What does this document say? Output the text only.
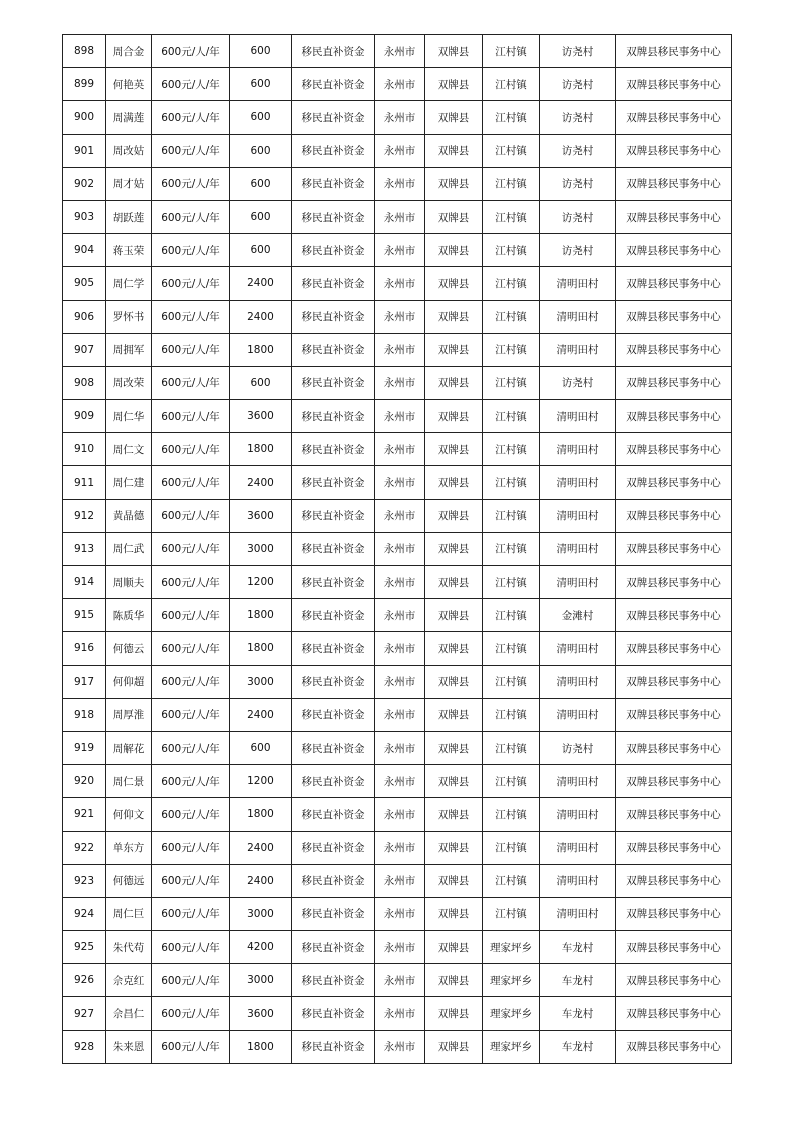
898	周合金	600元/人/年	600	移民直补资金	永州市	双牌县	江村镇	访尧村	双牌县移民事务中心
899	何艳英	600元/人/年	600	移民直补资金	永州市	双牌县	江村镇	访尧村	双牌县移民事务中心
900	周满莲	600元/人/年	600	移民直补资金	永州市	双牌县	江村镇	访尧村	双牌县移民事务中心
901	周改姑	600元/人/年	600	移民直补资金	永州市	双牌县	江村镇	访尧村	双牌县移民事务中心
902	周才姑	600元/人/年	600	移民直补资金	永州市	双牌县	江村镇	访尧村	双牌县移民事务中心
903	胡跃莲	600元/人/年	600	移民直补资金	永州市	双牌县	江村镇	访尧村	双牌县移民事务中心
904	蒋玉荣	600元/人/年	600	移民直补资金	永州市	双牌县	江村镇	访尧村	双牌县移民事务中心
905	周仁学	600元/人/年	2400	移民直补资金	永州市	双牌县	江村镇	清明田村	双牌县移民事务中心
906	罗怀书	600元/人/年	2400	移民直补资金	永州市	双牌县	江村镇	清明田村	双牌县移民事务中心
907	周拥军	600元/人/年	1800	移民直补资金	永州市	双牌县	江村镇	清明田村	双牌县移民事务中心
908	周改荣	600元/人/年	600	移民直补资金	永州市	双牌县	江村镇	访尧村	双牌县移民事务中心
909	周仁华	600元/人/年	3600	移民直补资金	永州市	双牌县	江村镇	清明田村	双牌县移民事务中心
910	周仁文	600元/人/年	1800	移民直补资金	永州市	双牌县	江村镇	清明田村	双牌县移民事务中心
911	周仁建	600元/人/年	2400	移民直补资金	永州市	双牌县	江村镇	清明田村	双牌县移民事务中心
912	黄晶德	600元/人/年	3600	移民直补资金	永州市	双牌县	江村镇	清明田村	双牌县移民事务中心
913	周仁武	600元/人/年	3000	移民直补资金	永州市	双牌县	江村镇	清明田村	双牌县移民事务中心
914	周顺夫	600元/人/年	1200	移民直补资金	永州市	双牌县	江村镇	清明田村	双牌县移民事务中心
915	陈质华	600元/人/年	1800	移民直补资金	永州市	双牌县	江村镇	金滩村	双牌县移民事务中心
916	何德云	600元/人/年	1800	移民直补资金	永州市	双牌县	江村镇	清明田村	双牌县移民事务中心
917	何仰超	600元/人/年	3000	移民直补资金	永州市	双牌县	江村镇	清明田村	双牌县移民事务中心
918	周厚淮	600元/人/年	2400	移民直补资金	永州市	双牌县	江村镇	清明田村	双牌县移民事务中心
919	周解花	600元/人/年	600	移民直补资金	永州市	双牌县	江村镇	访尧村	双牌县移民事务中心
920	周仁景	600元/人/年	1200	移民直补资金	永州市	双牌县	江村镇	清明田村	双牌县移民事务中心
921	何仰文	600元/人/年	1800	移民直补资金	永州市	双牌县	江村镇	清明田村	双牌县移民事务中心
922	单东方	600元/人/年	2400	移民直补资金	永州市	双牌县	江村镇	清明田村	双牌县移民事务中心
923	何德远	600元/人/年	2400	移民直补资金	永州市	双牌县	江村镇	清明田村	双牌县移民事务中心
924	周仁巨	600元/人/年	3000	移民直补资金	永州市	双牌县	江村镇	清明田村	双牌县移民事务中心
925	朱代苟	600元/人/年	4200	移民直补资金	永州市	双牌县	理家坪乡	车龙村	双牌县移民事务中心
926	佘克红	600元/人/年	3000	移民直补资金	永州市	双牌县	理家坪乡	车龙村	双牌县移民事务中心
927	佘昌仁	600元/人/年	3600	移民直补资金	永州市	双牌县	理家坪乡	车龙村	双牌县移民事务中心
928	朱来恩	600元/人/年	1800	移民直补资金	永州市	双牌县	理家坪乡	车龙村	双牌县移民事务中心
